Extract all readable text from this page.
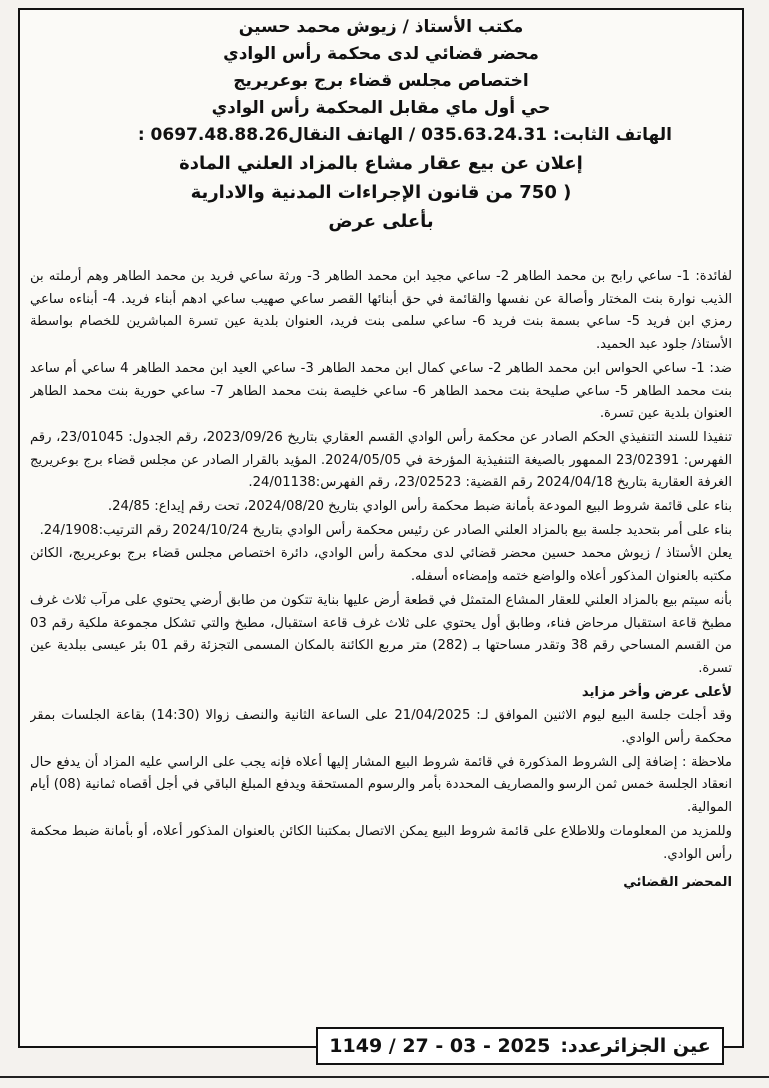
مكتب الأستاذ / زيوش محمد حسين
محضر قضائي لدى محكمة رأس الوادي
اختصاص مجلس قضاء برج بوعريريج
حي أول ماي مقابل المحكمة رأس الوادي
الهاتف الثابت: 035.63.24.31 / الهاتف النقال0697.48.88.26 :
إعلان عن بيع عقار مشاع بالمزاد العلني المادة
( 750 من قانون الإجراءات المدنية والادارية
بأعلى عرض

لفائدة: 1- ساعي رابح بن محمد الطاهر 2- ساعي مجيد ابن محمد الطاهر 3- ورثة ساعي فريد بن محمد الطاهر وهم أرملته بن الذيب نوارة بنت المختار وأصالة عن نفسها والقائمة في حق أبنائها القصر ساعي صهيب ساعي ادهم أبناء فريد. 4- أبناءه ساعي رمزي ابن فريد 5- ساعي بسمة بنت فريد 6- ساعي سلمى بنت فريد، العنوان بلدية عين تسرة المباشرين للخصام بواسطة الأستاذ/ جلود عبد الحميد.

ضد: 1- ساعي الحواس ابن محمد الطاهر 2- ساعي كمال ابن محمد الطاهر 3- ساعي العيد ابن محمد الطاهر 4 ساعي أم ساعد بنت محمد الطاهر 5- ساعي صليحة بنت محمد الطاهر 6- ساعي خليصة بنت محمد الطاهر 7- ساعي حورية بنت محمد الطاهر العنوان بلدية عين تسرة.

تنفيذا للسند التنفيذي الحكم الصادر عن محكمة رأس الوادي القسم العقاري بتاريخ 2023/09/26، رقم الجدول: 23/01045، رقم الفهرس: 23/02391 الممهور بالصيغة التنفيذية المؤرخة في 2024/05/05. المؤيد بالقرار الصادر عن مجلس قضاء برج بوعريريج الغرفة العقارية بتاريخ 2024/04/18 رقم القضية: 23/02523، رقم الفهرس:24/01138.

بناء على قائمة شروط البيع المودعة بأمانة ضبط محكمة رأس الوادي بتاريخ 2024/08/20، تحت رقم إيداع: 24/85.

بناء على أمر بتحديد جلسة بيع بالمزاد العلني الصادر عن رئيس محكمة رأس الوادي بتاريخ 2024/10/24 رقم الترتيب:24/1908.

يعلن الأستاذ / زيوش محمد حسين محضر قضائي لدى محكمة رأس الوادي، دائرة اختصاص مجلس قضاء برج بوعريريج، الكائن مكتبه بالعنوان المذكور أعلاه والواضع ختمه وإمضاءه أسفله.

بأنه سيتم بيع بالمزاد العلني للعقار المشاع المتمثل في قطعة أرض عليها بناية تتكون من طابق أرضي يحتوي على مرآب ثلاث غرف مطبخ قاعة استقبال مرحاض فناء، وطابق أول يحتوي على ثلاث غرف قاعة استقبال، مطبخ والتي تشكل مجموعة ملكية رقم 03 من القسم المساحي رقم 38 وتقدر مساحتها بـ (282) متر مربع الكائنة بالمكان المسمى التجزئة رقم 01 بئر عيسى ببلدية عين تسرة.

لأعلى عرض وأخر مزايد

وقد أجلت جلسة البيع ليوم الاثنين الموافق لـ: 21/04/2025 على الساعة الثانية والنصف زوالا (14:30) بقاعة الجلسات بمقر محكمة رأس الوادي.

ملاحظة : إضافة إلى الشروط المذكورة في قائمة شروط البيع المشار إليها أعلاه فإنه يجب على الراسي عليه المزاد أن يدفع حال انعقاد الجلسة خمس ثمن الرسو والمصاريف المحددة بأمر والرسوم المستحقة ويدفع المبلغ الباقي في أجل أقصاه ثمانية (08) أيام الموالية.

وللمزيد من المعلومات وللاطلاع على قائمة شروط البيع يمكن الاتصال بمكتبنا الكائن بالعنوان المذكور أعلاه، أو بأمانة ضبط محكمة رأس الوادي.

المحضر القضائي

عين الجزائرعدد:
1149 / 27 - 03 - 2025
